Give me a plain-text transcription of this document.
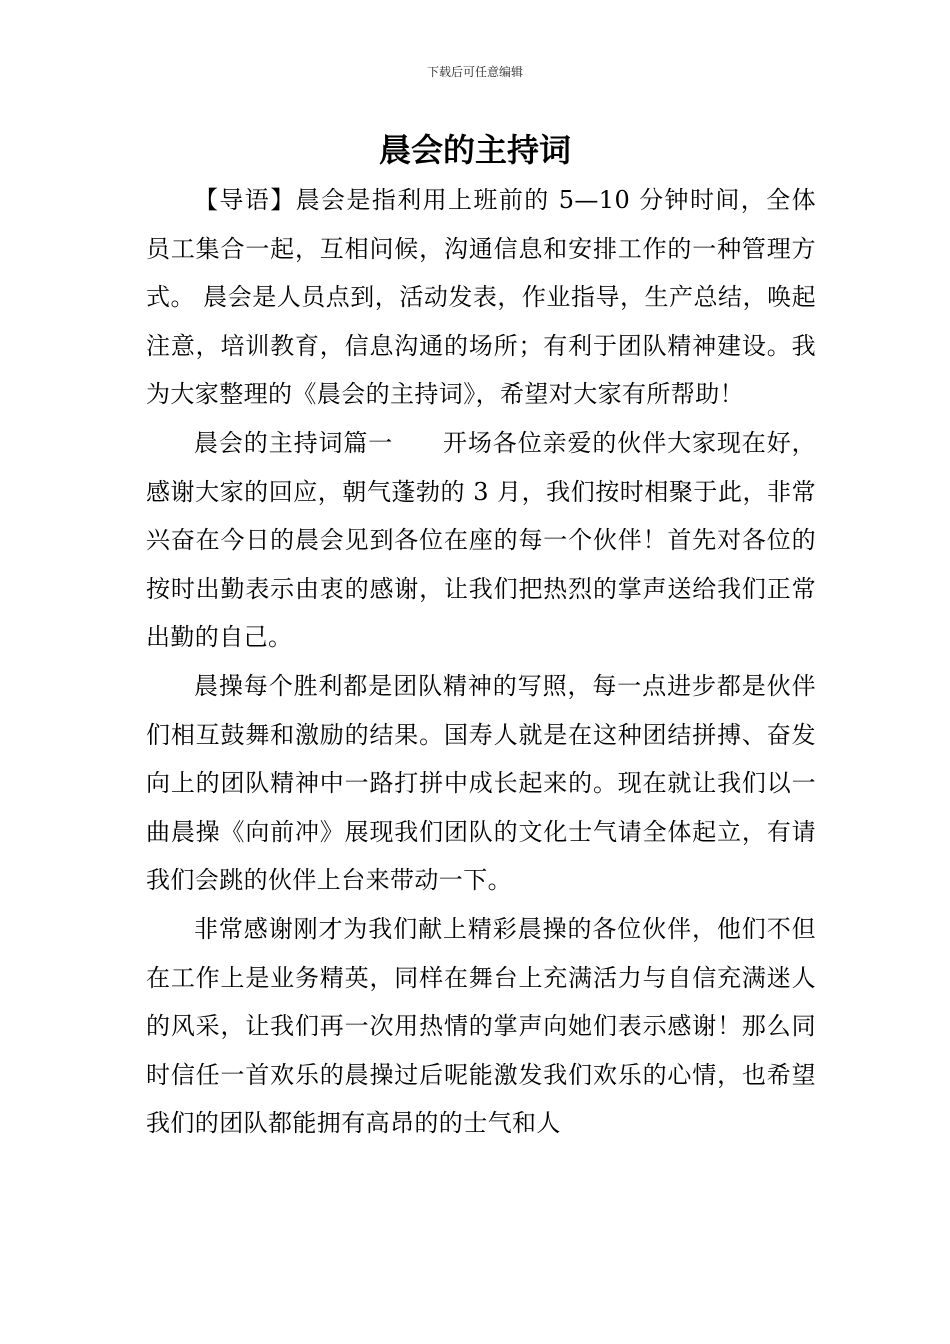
下载后可任意编辑
晨会的主持词

【导语】晨会是指利用上班前的 5—10 分钟时间，全体员工集合一起，互相问候，沟通信息和安排工作的一种管理方式。 晨会是人员点到，活动发表，作业指导，生产总结，唤起注意，培训教育，信息沟通的场所；有利于团队精神建设。我为大家整理的《晨会的主持词》，希望对大家有所帮助！

晨会的主持词篇一　　开场各位亲爱的伙伴大家现在好，感谢大家的回应，朝气蓬勃的 3 月，我们按时相聚于此，非常兴奋在今日的晨会见到各位在座的每一个伙伴！首先对各位的按时出勤表示由衷的感谢，让我们把热烈的掌声送给我们正常出勤的自己。

晨操每个胜利都是团队精神的写照，每一点进步都是伙伴们相互鼓舞和激励的结果。国寿人就是在这种团结拼搏、奋发向上的团队精神中一路打拼中成长起来的。现在就让我们以一曲晨操《向前冲》展现我们团队的文化士气请全体起立，有请我们会跳的伙伴上台来带动一下。

非常感谢刚才为我们献上精彩晨操的各位伙伴，他们不但在工作上是业务精英，同样在舞台上充满活力与自信充满迷人的风采，让我们再一次用热情的掌声向她们表示感谢！那么同时信任一首欢乐的晨操过后呢能激发我们欢乐的心情，也希望我们的团队都能拥有高昂的的士气和人
